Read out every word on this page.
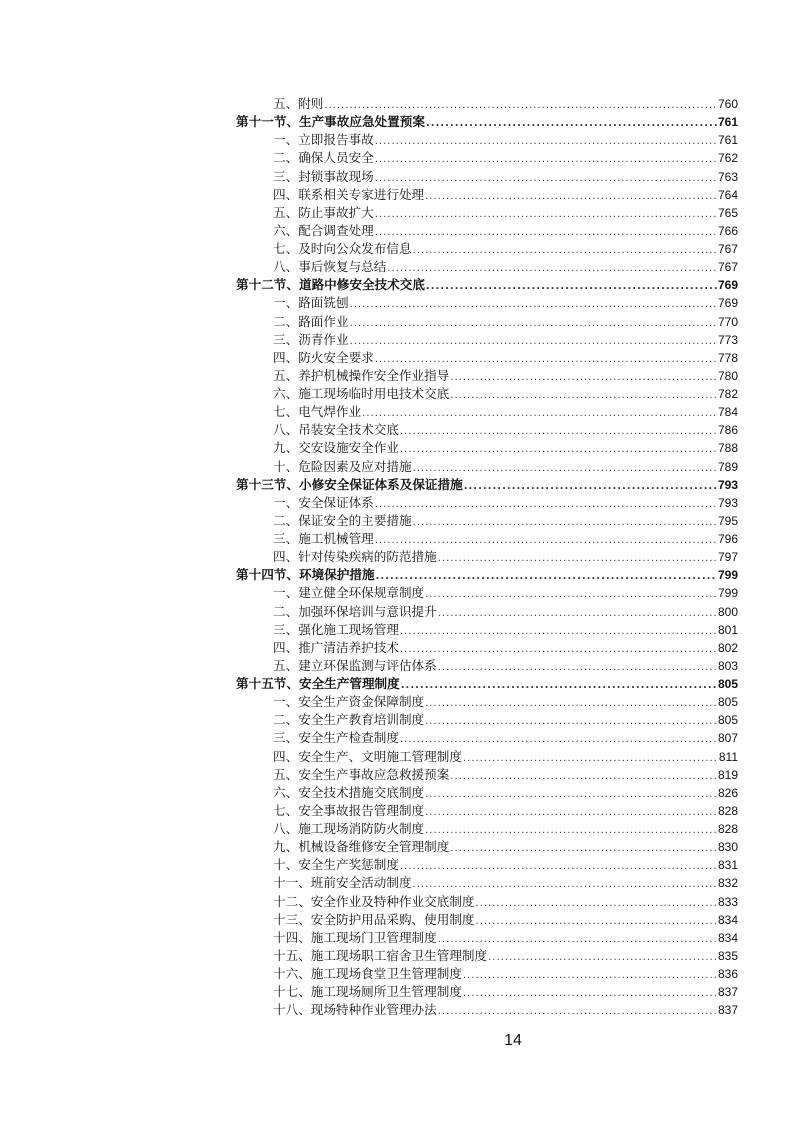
五、附则 .....	760
第十一节、生产事故应急处置预案 .....	761
一、立即报告事故 .....	761
二、确保人员安全 .....	762
三、封锁事故现场 .....	763
四、联系相关专家进行处理 .....	764
五、防止事故扩大 .....	765
六、配合调查处理 .....	766
七、及时向公众发布信息 .....	767
八、事后恢复与总结 .....	767
第十二节、道路中修安全技术交底 .....	769
一、路面铣刨 .....	769
二、路面作业 .....	770
三、沥青作业 .....	773
四、防火安全要求 .....	778
五、养护机械操作安全作业指导 .....	780
六、施工现场临时用电技术交底 .....	782
七、电气焊作业 .....	784
八、吊装安全技术交底 .....	786
九、交安设施安全作业 .....	788
十、危险因素及应对措施 .....	789
第十三节、小修安全保证体系及保证措施 .....	793
一、安全保证体系 .....	793
二、保证安全的主要措施 .....	795
三、施工机械管理 .....	796
四、针对传染疾病的防范措施 .....	797
第十四节、环境保护措施 .....	799
一、建立健全环保规章制度 .....	799
二、加强环保培训与意识提升 .....	800
三、强化施工现场管理 .....	801
四、推广清洁养护技术 .....	802
五、建立环保监测与评估体系 .....	803
第十五节、安全生产管理制度 .....	805
一、安全生产资金保障制度 .....	805
二、安全生产教育培训制度 .....	805
三、安全生产检查制度 .....	807
四、安全生产、文明施工管理制度 .....	811
五、安全生产事故应急救援预案 .....	819
六、安全技术措施交底制度 .....	826
七、安全事故报告管理制度 .....	828
八、施工现场消防防火制度 .....	828
九、机械设备维修安全管理制度 .....	830
十、安全生产奖惩制度 .....	831
十一、班前安全活动制度 .....	832
十二、安全作业及特种作业交底制度 .....	833
十三、安全防护用品采购、使用制度 .....	834
十四、施工现场门卫管理制度 .....	834
十五、施工现场职工宿舍卫生管理制度 .....	835
十六、施工现场食堂卫生管理制度 .....	836
十七、施工现场厕所卫生管理制度 .....	837
十八、现场特种作业管理办法 .....	837
14
